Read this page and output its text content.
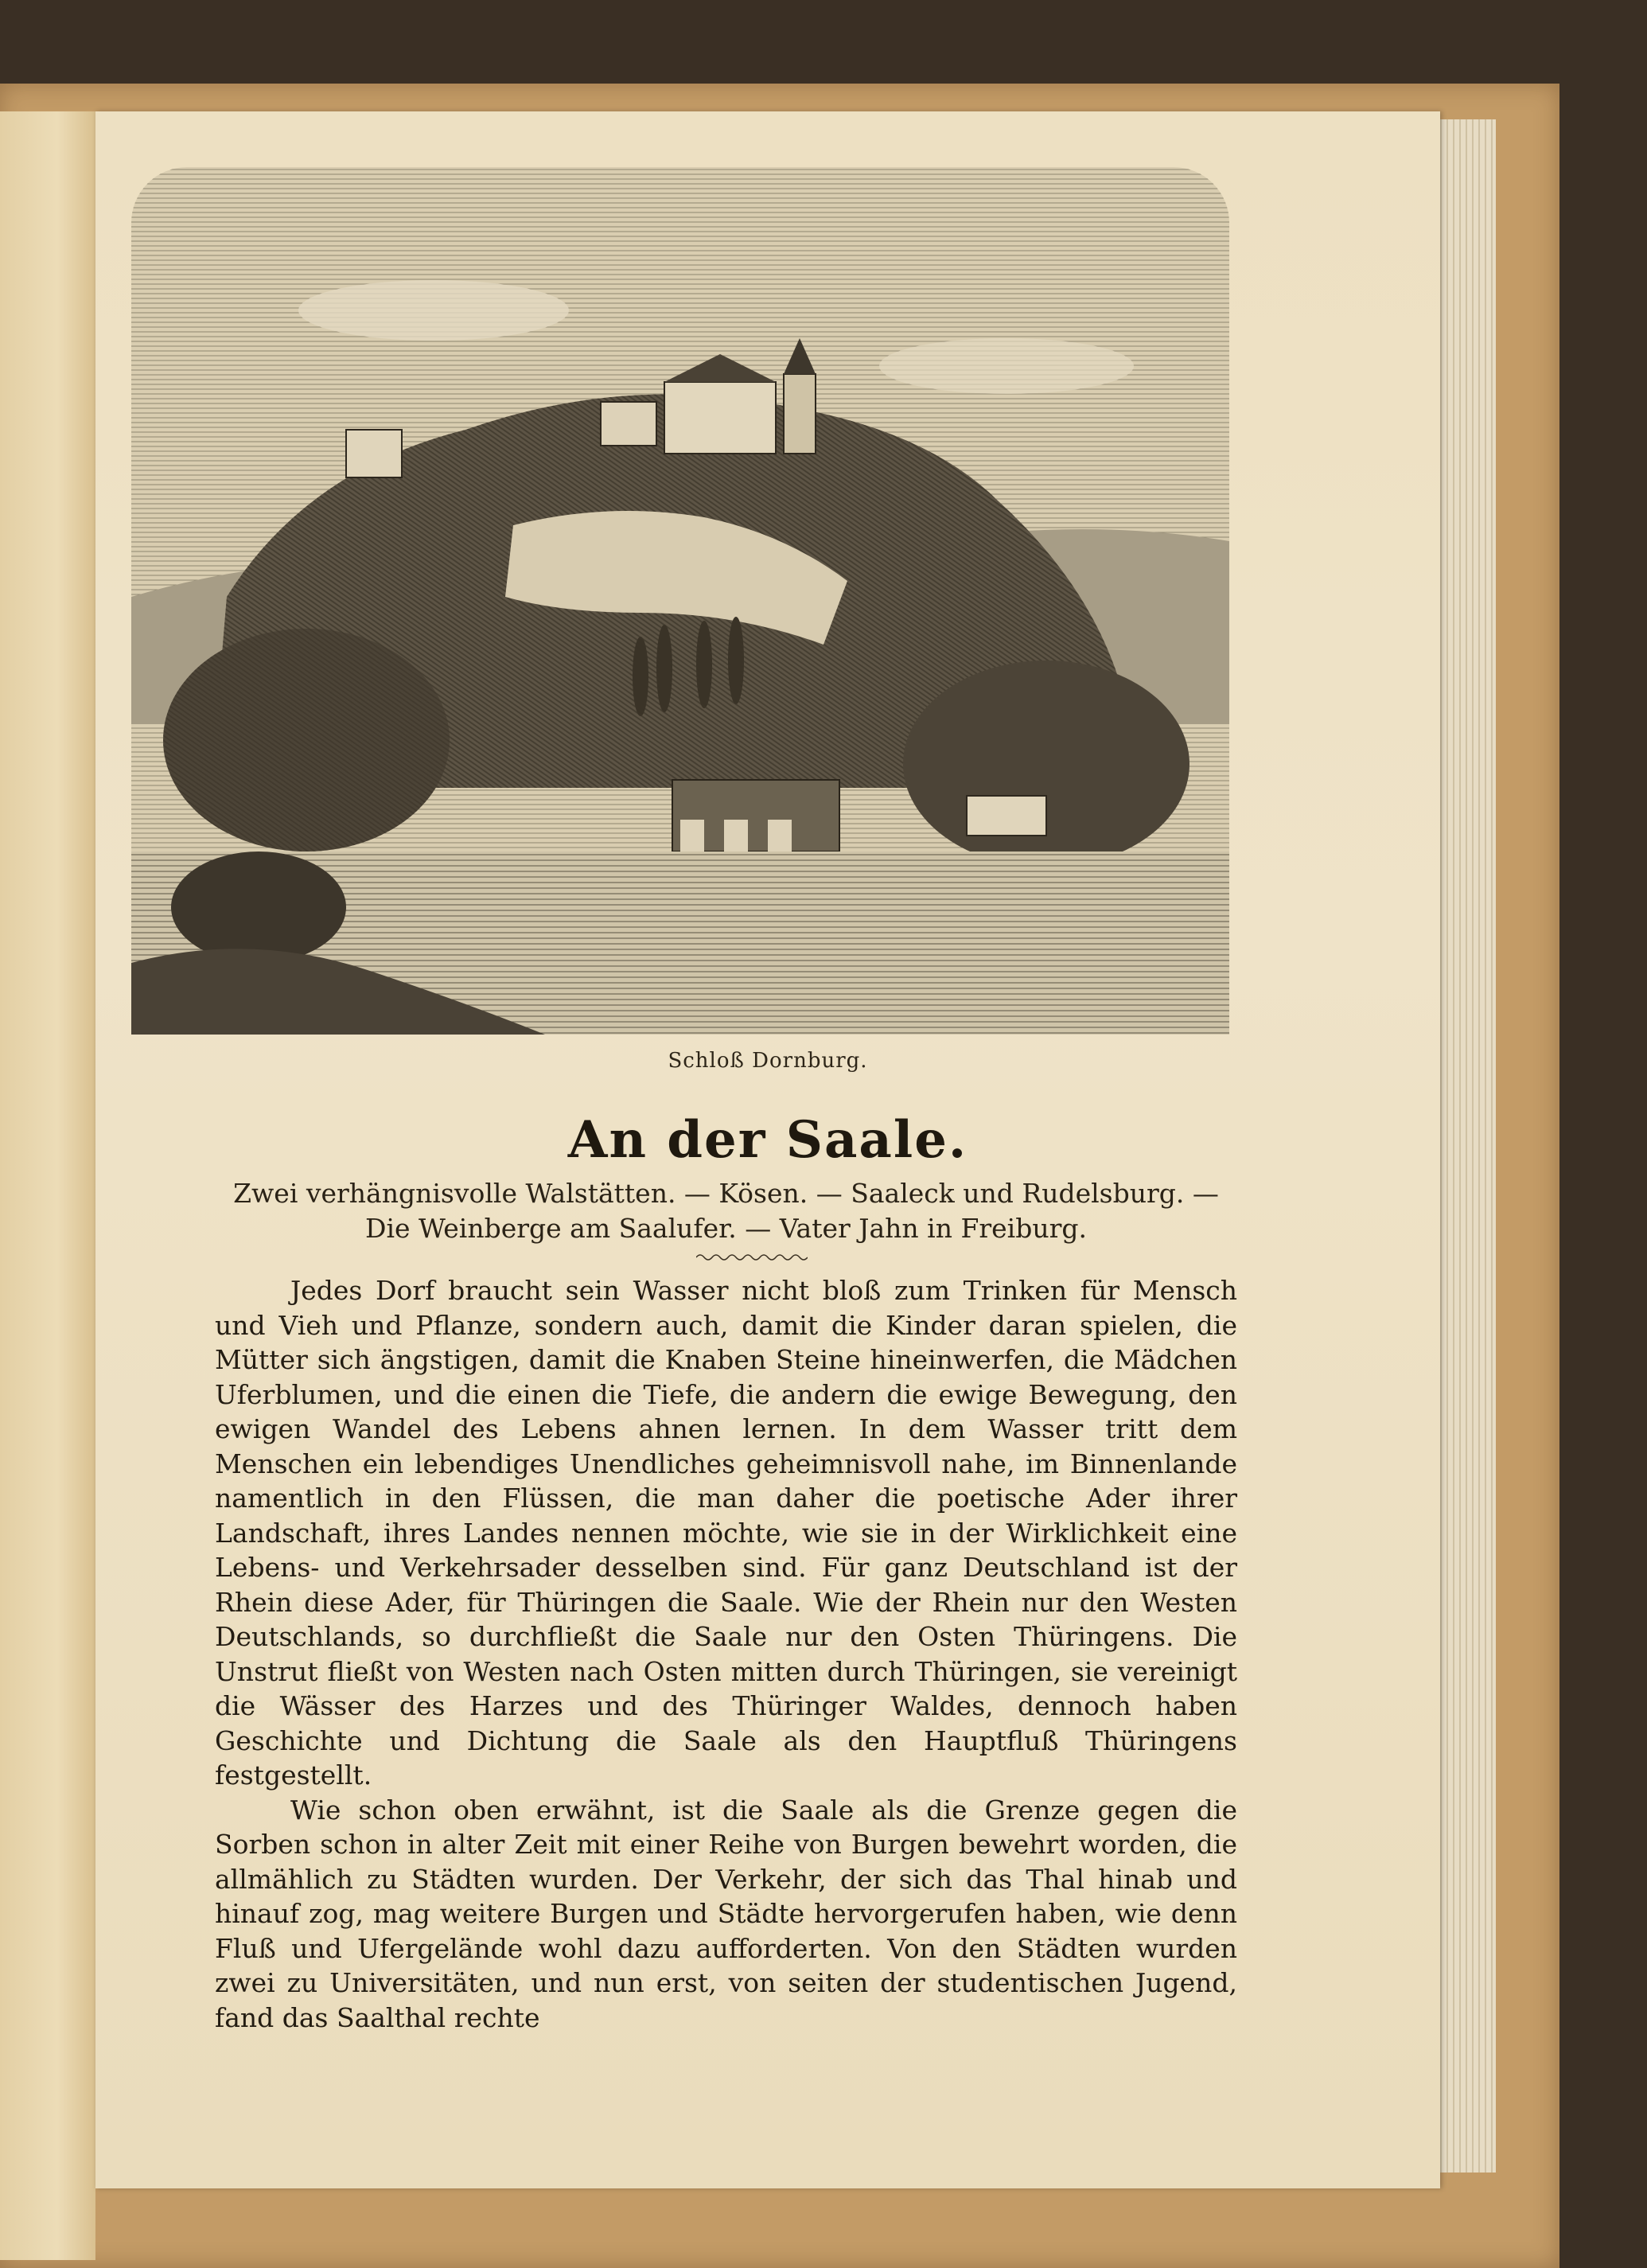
Schloß Dornburg.
An der Saale.
Zwei verhängnisvolle Walstätten. — Kösen. — Saaleck und Rudelsburg. — Die Weinberge am Saalufer. — Vater Jahn in Freiburg.

Jedes Dorf braucht sein Wasser nicht bloß zum Trinken für Mensch und Vieh und Pflanze, sondern auch, damit die Kinder daran spielen, die Mütter sich ängstigen, damit die Knaben Steine hineinwerfen, die Mädchen Uferblumen, und die einen die Tiefe, die andern die ewige Bewegung, den ewigen Wandel des Lebens ahnen lernen. In dem Wasser tritt dem Menschen ein lebendiges Unendliches geheimnisvoll nahe, im Binnenlande namentlich in den Flüssen, die man daher die poetische Ader ihrer Landschaft, ihres Landes nennen möchte, wie sie in der Wirklichkeit eine Lebens- und Verkehrsader desselben sind. Für ganz Deutschland ist der Rhein diese Ader, für Thüringen die Saale. Wie der Rhein nur den Westen Deutschlands, so durchfließt die Saale nur den Osten Thüringens. Die Unstrut fließt von Westen nach Osten mitten durch Thüringen, sie vereinigt die Wässer des Harzes und des Thüringer Waldes, dennoch haben Geschichte und Dichtung die Saale als den Hauptfluß Thüringens festgestellt.

Wie schon oben erwähnt, ist die Saale als die Grenze gegen die Sorben schon in alter Zeit mit einer Reihe von Burgen bewehrt worden, die allmählich zu Städten wurden. Der Verkehr, der sich das Thal hinab und hinauf zog, mag weitere Burgen und Städte hervorgerufen haben, wie denn Fluß und Ufergelände wohl dazu aufforderten. Von den Städten wurden zwei zu Universitäten, und nun erst, von seiten der studentischen Jugend, fand das Saalthal rechte
